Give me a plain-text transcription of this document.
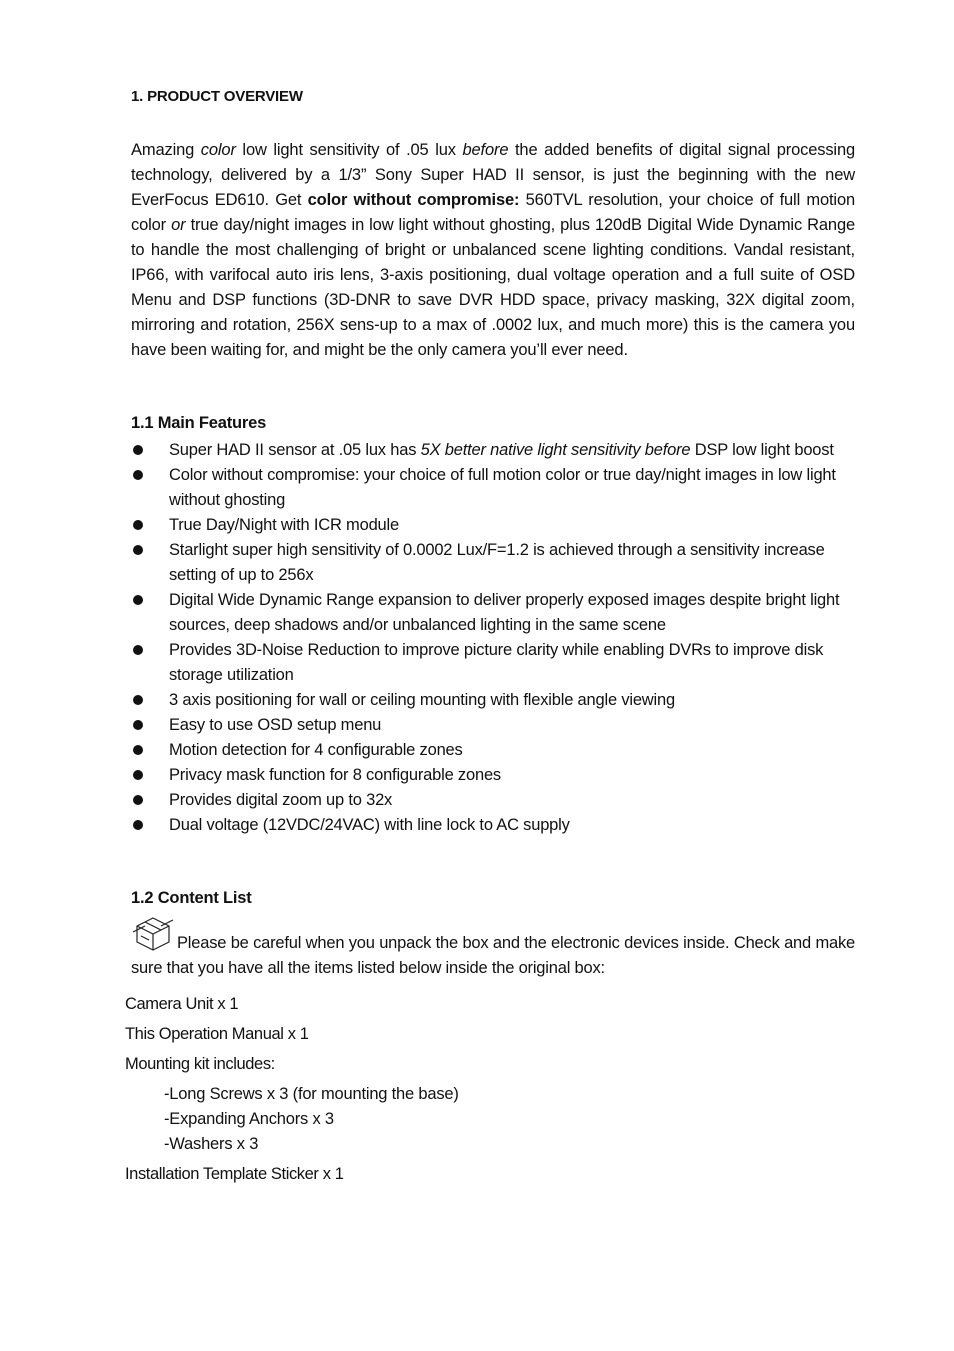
1. PRODUCT OVERVIEW
Amazing color low light sensitivity of .05 lux before the added benefits of digital signal processing technology, delivered by a 1/3” Sony Super HAD II sensor, is just the beginning with the new EverFocus ED610. Get color without compromise: 560TVL resolution, your choice of full motion color or true day/night images in low light without ghosting, plus 120dB Digital Wide Dynamic Range to handle the most challenging of bright or unbalanced scene lighting conditions. Vandal resistant, IP66, with varifocal auto iris lens, 3-axis positioning, dual voltage operation and a full suite of OSD Menu and DSP functions (3D-DNR to save DVR HDD space, privacy masking, 32X digital zoom, mirroring and rotation, 256X sens-up to a max of .0002 lux, and much more) this is the camera you have been waiting for, and might be the only camera you’ll ever need.
1.1 Main Features
Super HAD II sensor at .05 lux has 5X better native light sensitivity before DSP low light boost
Color without compromise: your choice of full motion color or true day/night images in low light without ghosting
True Day/Night with ICR module
Starlight super high sensitivity of 0.0002 Lux/F=1.2 is achieved through a sensitivity increase setting of up to 256x
Digital Wide Dynamic Range expansion to deliver properly exposed images despite bright light sources, deep shadows and/or unbalanced lighting in the same scene
Provides 3D-Noise Reduction to improve picture clarity while enabling DVRs to improve disk storage utilization
3 axis positioning for wall or ceiling mounting with flexible angle viewing
Easy to use OSD setup menu
Motion detection for 4 configurable zones
Privacy mask function for 8 configurable zones
Provides digital zoom up to 32x
Dual voltage (12VDC/24VAC) with line lock to AC supply
1.2 Content List
Please be careful when you unpack the box and the electronic devices inside. Check and make sure that you have all the items listed below inside the original box:
Camera Unit x 1
This Operation Manual x 1
Mounting kit includes:
-Long Screws x 3 (for mounting the base)
-Expanding Anchors x 3
-Washers x 3
Installation Template Sticker x 1
